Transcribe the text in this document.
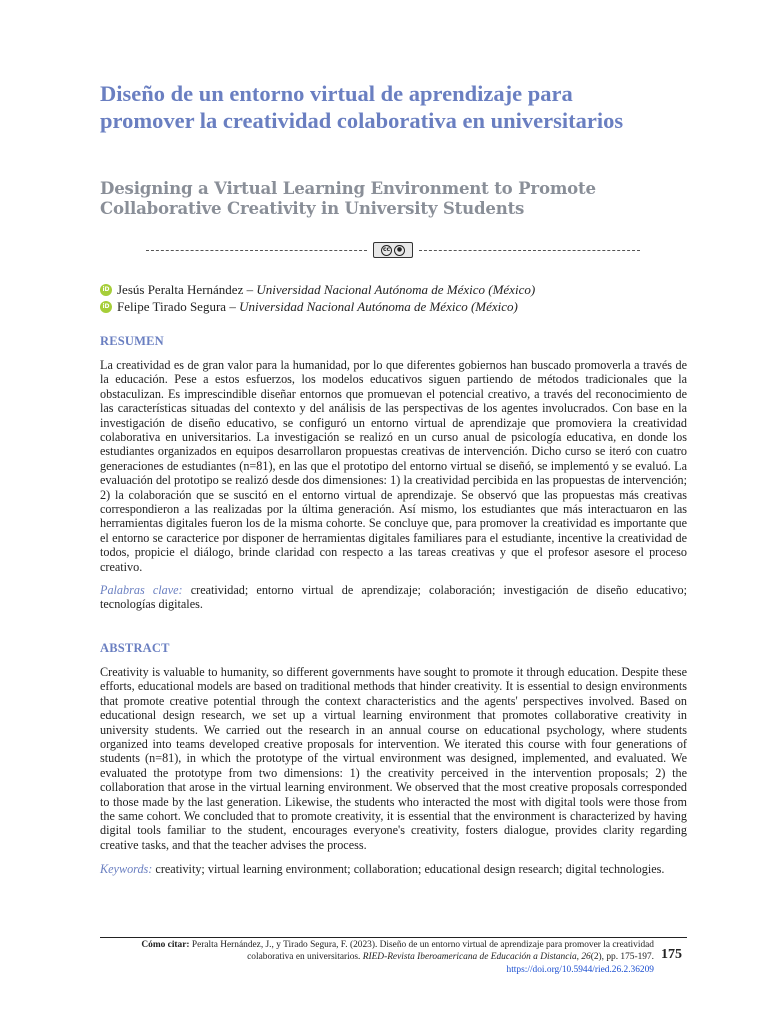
Diseño de un entorno virtual de aprendizaje para promover la creatividad colaborativa en universitarios
Designing a Virtual Learning Environment to Promote Collaborative Creativity in University Students
cc	●
iD Jesús Peralta Hernández – Universidad Nacional Autónoma de México (México)
iD Felipe Tirado Segura – Universidad Nacional Autónoma de México (México)
RESUMEN
La creatividad es de gran valor para la humanidad, por lo que diferentes gobiernos han buscado promoverla a través de la educación. Pese a estos esfuerzos, los modelos educativos siguen partiendo de métodos tradicionales que la obstaculizan. Es imprescindible diseñar entornos que promuevan el potencial creativo, a través del reconocimiento de las características situadas del contexto y del análisis de las perspectivas de los agentes involucrados. Con base en la investigación de diseño educativo, se configuró un entorno virtual de aprendizaje que promoviera la creatividad colaborativa en universitarios. La investigación se realizó en un curso anual de psicología educativa, en donde los estudiantes organizados en equipos desarrollaron propuestas creativas de intervención. Dicho curso se iteró con cuatro generaciones de estudiantes (n=81), en las que el prototipo del entorno virtual se diseñó, se implementó y se evaluó. La evaluación del prototipo se realizó desde dos dimensiones: 1) la creatividad percibida en las propuestas de intervención; 2) la colaboración que se suscitó en el entorno virtual de aprendizaje. Se observó que las propuestas más creativas correspondieron a las realizadas por la última generación. Así mismo, los estudiantes que más interactuaron en las herramientas digitales fueron los de la misma cohorte. Se concluye que, para promover la creatividad es importante que el entorno se caracterice por disponer de herramientas digitales familiares para el estudiante, incentive la creatividad de todos, propicie el diálogo, brinde claridad con respecto a las tareas creativas y que el profesor asesore el proceso creativo.
Palabras clave: creatividad; entorno virtual de aprendizaje; colaboración; investigación de diseño educativo; tecnologías digitales.
ABSTRACT
Creativity is valuable to humanity, so different governments have sought to promote it through education. Despite these efforts, educational models are based on traditional methods that hinder creativity. It is essential to design environments that promote creative potential through the context characteristics and the agents' perspectives involved. Based on educational design research, we set up a virtual learning environment that promotes collaborative creativity in university students. We carried out the research in an annual course on educational psychology, where students organized into teams developed creative proposals for intervention. We iterated this course with four generations of students (n=81), in which the prototype of the virtual environment was designed, implemented, and evaluated. We evaluated the prototype from two dimensions: 1) the creativity perceived in the intervention proposals; 2) the collaboration that arose in the virtual learning environment. We observed that the most creative proposals corresponded to those made by the last generation. Likewise, the students who interacted the most with digital tools were those from the same cohort. We concluded that to promote creativity, it is essential that the environment is characterized by having digital tools familiar to the student, encourages everyone's creativity, fosters dialogue, provides clarity regarding creative tasks, and that the teacher advises the process.
Keywords: creativity; virtual learning environment; collaboration; educational design research; digital technologies.
Cómo citar: Peralta Hernández, J., y Tirado Segura, F. (2023). Diseño de un entorno virtual de aprendizaje para promover la creatividad colaborativa en universitarios. RIED-Revista Iberoamericana de Educación a Distancia, 26(2), pp. 175-197. https://doi.org/10.5944/ried.26.2.36209
175
